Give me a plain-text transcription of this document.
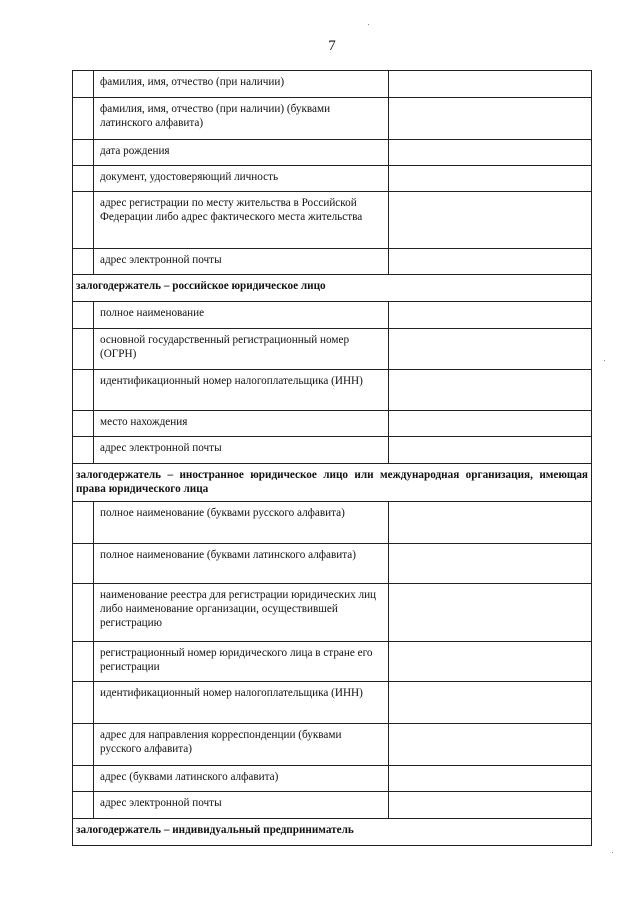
7
	фамилия, имя, отчество (при наличии)	
	фамилия, имя, отчество (при наличии) (буквами латинского алфавита)	
	дата рождения	
	документ, удостоверяющий личность	
	адрес регистрации по месту жительства в Российской Федерации либо адрес фактического места жительства	
	адрес электронной почты	
залогодержатель – российское юридическое лицо		
	полное наименование	
	основной государственный регистрационный номер (ОГРН)	
	идентификационный номер налогоплательщика (ИНН)	
	место нахождения	
	адрес электронной почты	
залогодержатель – иностранное юридическое лицо или международная организация, имеющая права юридического лица		
	полное наименование (буквами русского алфавита)	
	полное наименование (буквами латинского алфавита)	
	наименование реестра для регистрации юридических лиц либо наименование организации, осуществившей регистрацию	
	регистрационный номер юридического лица в стране его регистрации	
	идентификационный номер налогоплательщика (ИНН)	
	адрес для направления корреспонденции (буквами русского алфавита)	
	адрес (буквами латинского алфавита)	
	адрес электронной почты	
залогодержатель – индивидуальный предприниматель		
